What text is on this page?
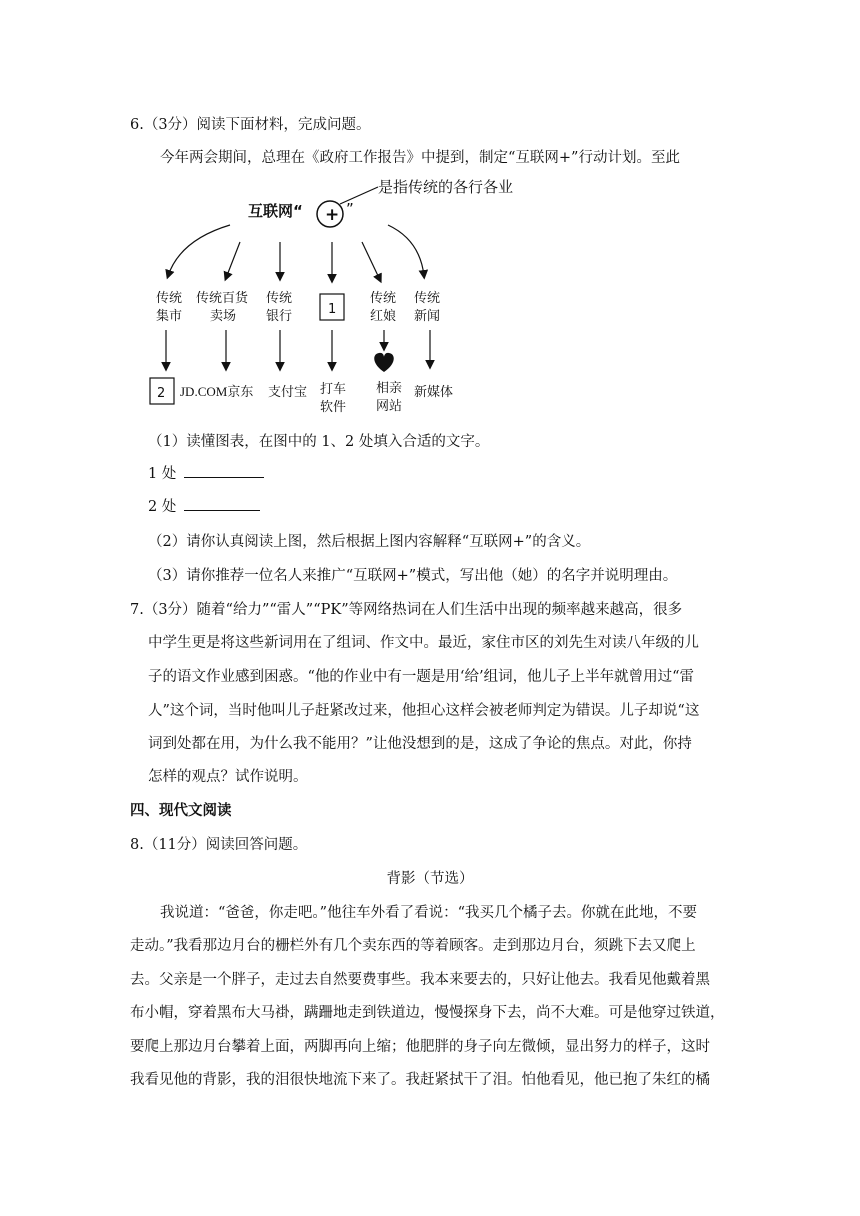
6.（3分）阅读下面材料，完成问题。
今年两会期间，总理在《政府工作报告》中提到，制定“互联网+”行动计划。至此
是指传统的各行各业
互联网“ + ”
传统
集市
传统百货
卖场
传统
银行	1
传统
红娘
传统
新闻
2 JD.COM京东 支付宝 打车
软件
相亲
网站
新媒体
（1）读懂图表，在图中的 1、2 处填入合适的文字。
1 处
2 处
（2）请你认真阅读上图，然后根据上图内容解释“互联网+”的含义。
（3）请你推荐一位名人来推广“互联网+”模式，写出他（她）的名字并说明理由。
7.（3分）随着“给力”“雷人”“PK”等网络热词在人们生活中出现的频率越来越高，很多
中学生更是将这些新词用在了组词、作文中。最近，家住市区的刘先生对读八年级的儿
子的语文作业感到困惑。“他的作业中有一题是用‘给’组词，他儿子上半年就曾用过“雷
人”这个词，当时他叫儿子赶紧改过来，他担心这样会被老师判定为错误。儿子却说“这
词到处都在用，为什么我不能用？”让他没想到的是，这成了争论的焦点。对此，你持
怎样的观点？试作说明。
四、现代文阅读
8.（11分）阅读回答问题。
背影（节选）
我说道：“爸爸，你走吧。”他往车外看了看说：“我买几个橘子去。你就在此地，不要
走动。”我看那边月台的栅栏外有几个卖东西的等着顾客。走到那边月台，须跳下去又爬上
去。父亲是一个胖子，走过去自然要费事些。我本来要去的，只好让他去。我看见他戴着黑
布小帽，穿着黑布大马褂，蹒跚地走到铁道边，慢慢探身下去，尚不大难。可是他穿过铁道，
要爬上那边月台攀着上面，两脚再向上缩；他肥胖的身子向左微倾，显出努力的样子，这时
我看见他的背影，我的泪很快地流下来了。我赶紧拭干了泪。怕他看见，他已抱了朱红的橘
